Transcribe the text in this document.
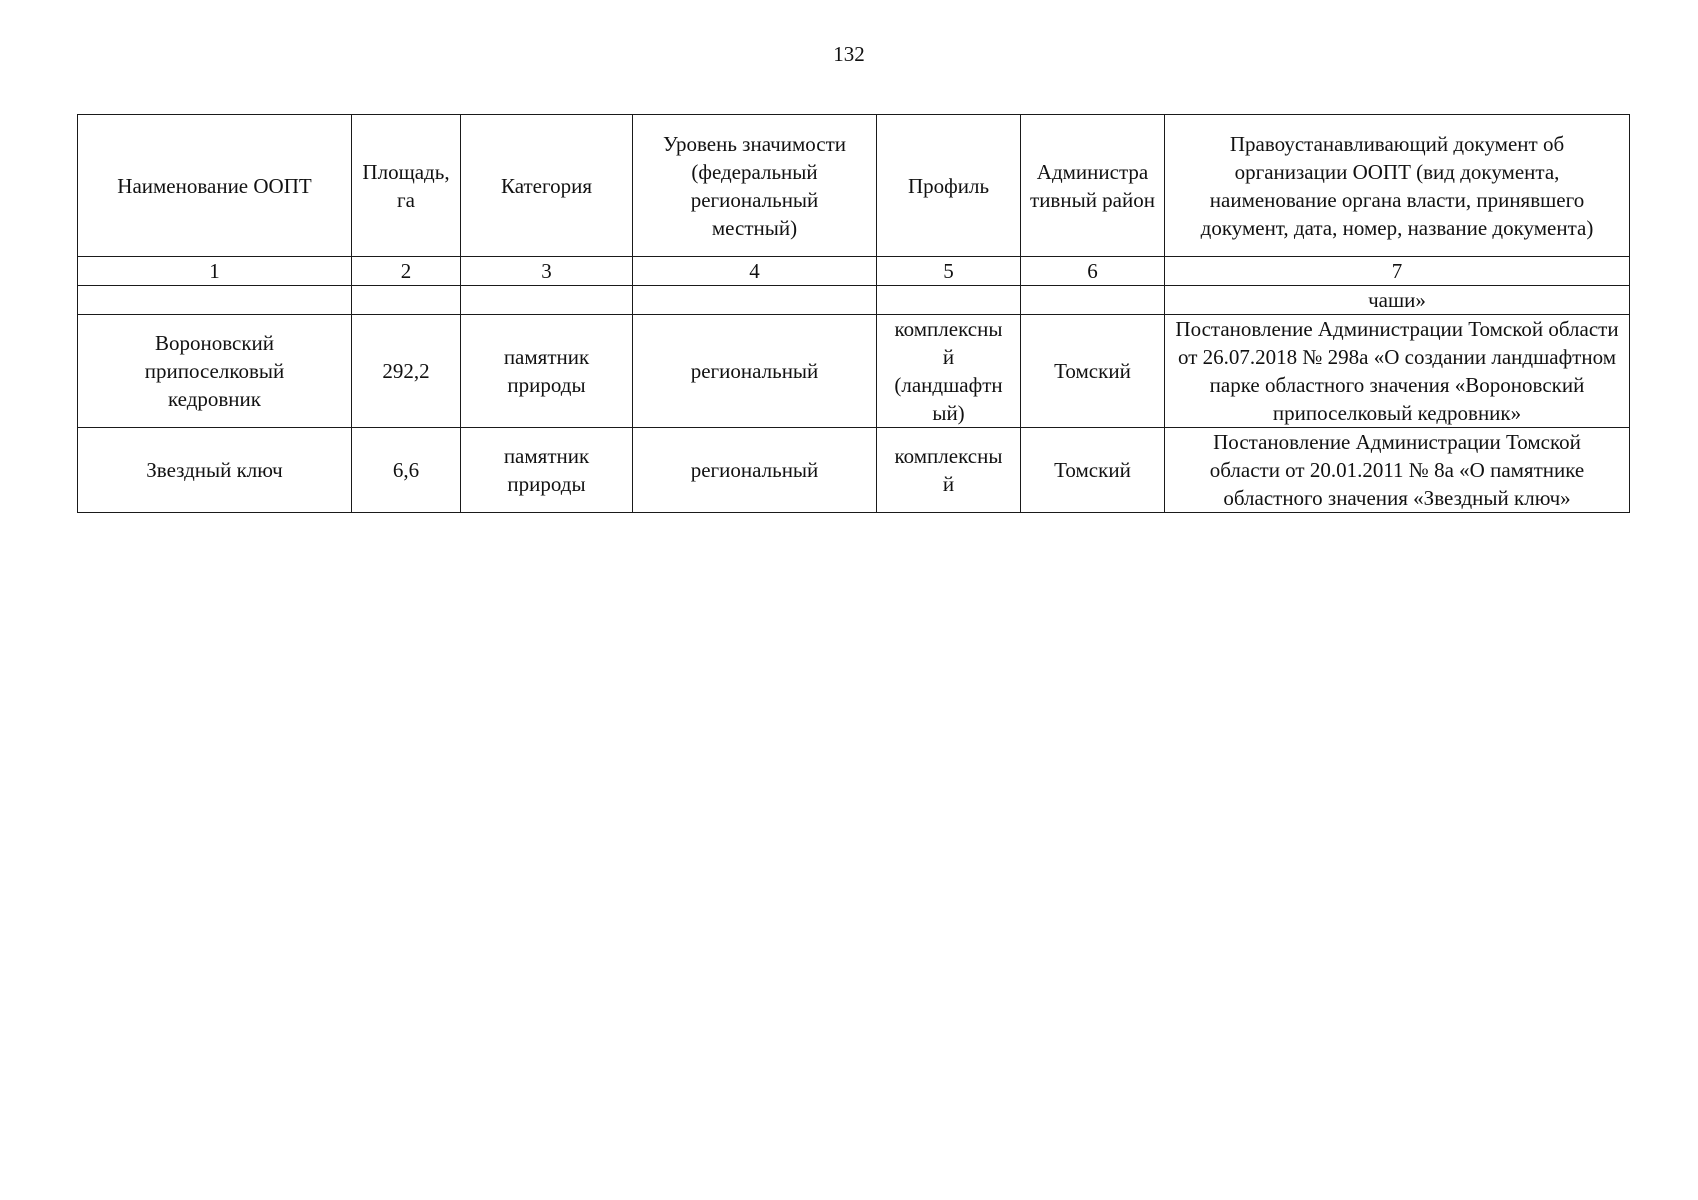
132
Наименование ООПТ	Площадь, га	Категория	Уровень значимости (федеральный региональный местный)	Профиль	Администра тивный район	Правоустанавливающий документ об организации ООПТ (вид документа, наименование органа власти, принявшего документ, дата, номер, название документа)
1	2	3	4	5	6	7
						чаши»
Вороновский припоселковый кедровник	292,2	памятник природы	региональный	комплексны й (ландшафтн ый)	Томский	Постановление Администрации Томской области от 26.07.2018 № 298а «О создании ландшафтном парке областного значения «Вороновский припоселковый кедровник»
Звездный ключ	6,6	памятник природы	региональный	комплексны й	Томский	Постановление Администрации Томской области от 20.01.2011 № 8а «О памятнике областного значения «Звездный ключ»
